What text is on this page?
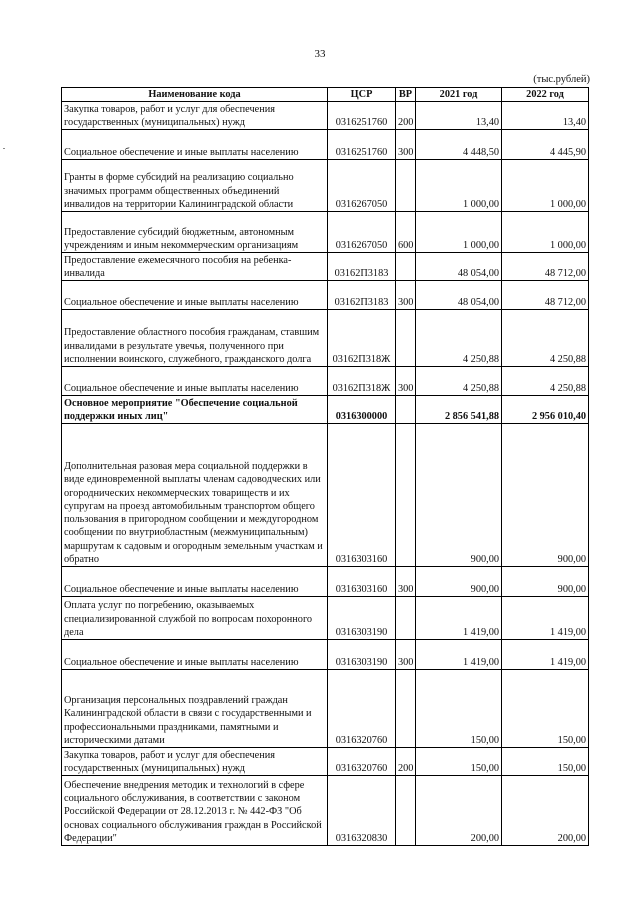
33
(тыс.рублей)
Наименование кода	ЦСР	ВР	2021 год	2022 год
Закупка товаров, работ и услуг для обеспечения государственных (муниципальных) нужд	0316251760	200	13,40	13,40
Социальное обеспечение и иные выплаты населению	0316251760	300	4 448,50	4 445,90
Гранты в форме субсидий на реализацию социально значимых программ общественных объединений инвалидов на территории Калининградской области	0316267050		1 000,00	1 000,00
Предоставление субсидий бюджетным, автономным учреждениям и иным некоммерческим организациям	0316267050	600	1 000,00	1 000,00
Предоставление ежемесячного пособия на ребенка-инвалида	03162П3183		48 054,00	48 712,00
Социальное обеспечение и иные выплаты населению	03162П3183	300	48 054,00	48 712,00
Предоставление областного пособия гражданам, ставшим инвалидами в результате увечья, полученного при исполнении воинского, служебного, гражданского долга	03162П318Ж		4 250,88	4 250,88
Социальное обеспечение и иные выплаты населению	03162П318Ж	300	4 250,88	4 250,88
Основное мероприятие "Обеспечение социальной поддержки иных лиц"	0316300000		2 856 541,88	2 956 010,40
Дополнительная разовая мера социальной поддержки в виде единовременной выплаты членам садоводческих или огороднических некоммерческих товариществ и их супругам на проезд автомобильным транспортом общего пользования в пригородном сообщении и междугородном сообщении по внутриобластным (межмуниципальным) маршрутам к садовым и огородным земельным участкам и обратно	0316303160		900,00	900,00
Социальное обеспечение и иные выплаты населению	0316303160	300	900,00	900,00
Оплата услуг по погребению, оказываемых специализированной службой по вопросам похоронного дела	0316303190		1 419,00	1 419,00
Социальное обеспечение и иные выплаты населению	0316303190	300	1 419,00	1 419,00
Организация персональных поздравлений граждан Калининградской области в связи с государственными и профессиональными праздниками, памятными и историческими датами	0316320760		150,00	150,00
Закупка товаров, работ и услуг для обеспечения государственных (муниципальных) нужд	0316320760	200	150,00	150,00
Обеспечение внедрения методик и технологий в сфере социального обслуживания, в соответствии с законом Российской Федерации от 28.12.2013 г. № 442-ФЗ "Об основах социального обслуживания граждан в Российской Федерации"	0316320830		200,00	200,00
